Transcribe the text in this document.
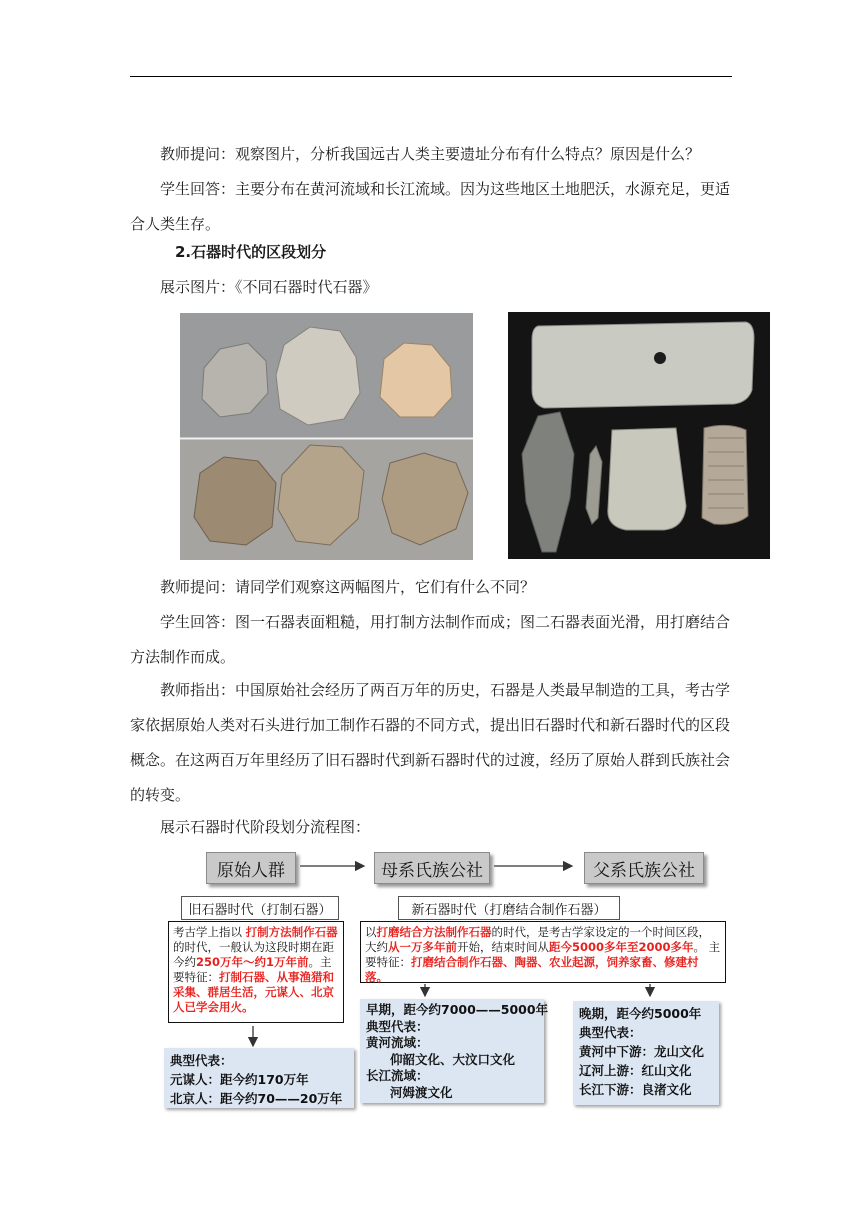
教师提问：观察图片，分析我国远古人类主要遗址分布有什么特点？原因是什么？

学生回答：主要分布在黄河流域和长江流域。因为这些地区土地肥沃，水源充足，更适合人类生存。

2.石器时代的区段划分

展示图片：《不同石器时代石器》

教师提问：请同学们观察这两幅图片，它们有什么不同？

学生回答：图一石器表面粗糙，用打制方法制作而成；图二石器表面光滑，用打磨结合方法制作而成。

教师指出：中国原始社会经历了两百万年的历史，石器是人类最早制造的工具，考古学家依据原始人类对石头进行加工制作石器的不同方式，提出旧石器时代和新石器时代的区段概念。在这两百万年里经历了旧石器时代到新石器时代的过渡，经历了原始人群到氏族社会的转变。

展示石器时代阶段划分流程图：

原始人群	母系氏族公社	父系氏族公社
旧石器时代（打制石器）	新石器时代（打磨结合制作石器）
考古学上指以 打制方法制作石器的时代，一般认为这段时期在距今约250万年～约1万年前。主要特征：打制石器、从事渔猎和采集、群居生活，元谋人、北京人已学会用火。
以打磨结合方法制作石器的时代，是考古学家设定的一个时间区段，大约从一万多年前开始，结束时间从距今5000多年至2000多年。 主要特征：打磨结合制作石器、陶器、农业起源，饲养家畜、修建村落。
典型代表：
元谋人：距今约170万年
北京人：距今约70——20万年
早期，距今约7000——5000年
典型代表：
黄河流域：
仰韶文化、大汶口文化
长江流域：
河姆渡文化
晚期，距今约5000年
典型代表：
黄河中下游：龙山文化
辽河上游：红山文化
长江下游：良渚文化
